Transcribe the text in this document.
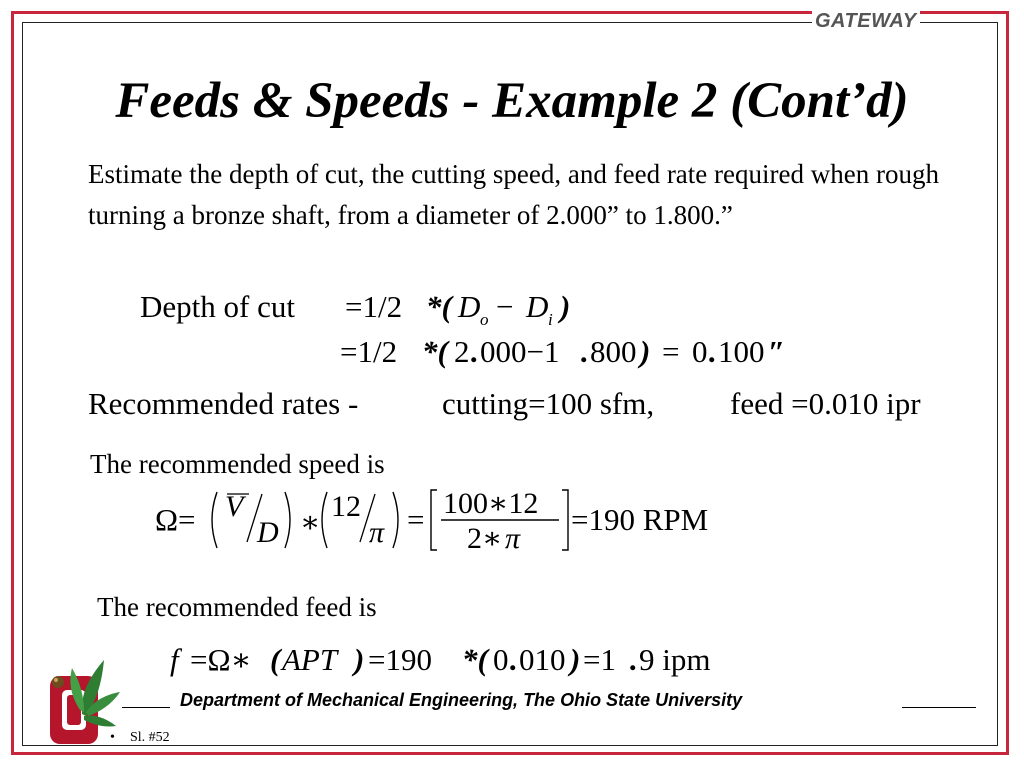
GATEWAY
Feeds & Speeds - Example 2 (Cont’d)
Estimate the depth of cut, the cutting speed, and feed rate required when rough turning a bronze shaft, from a diameter of 2.000” to 1.800.”
Depth of cut =1/2 *( D o − D i )
=1/2 *( 2 . 000−1 . 800 ) = 0 . 100 ″
Recommended rates -	cutting=100 sfm, feed =0.010 ipr
The recommended speed is
Ω= V
D ∗ 12
π = 100∗12
2∗ π
=190 RPM
The recommended feed is
f =Ω∗ ( APT ) =190 *( 0 . 010 ) =1 . 9 ipm
Department of Mechanical Engineering, The Ohio State University
• Sl. #52
